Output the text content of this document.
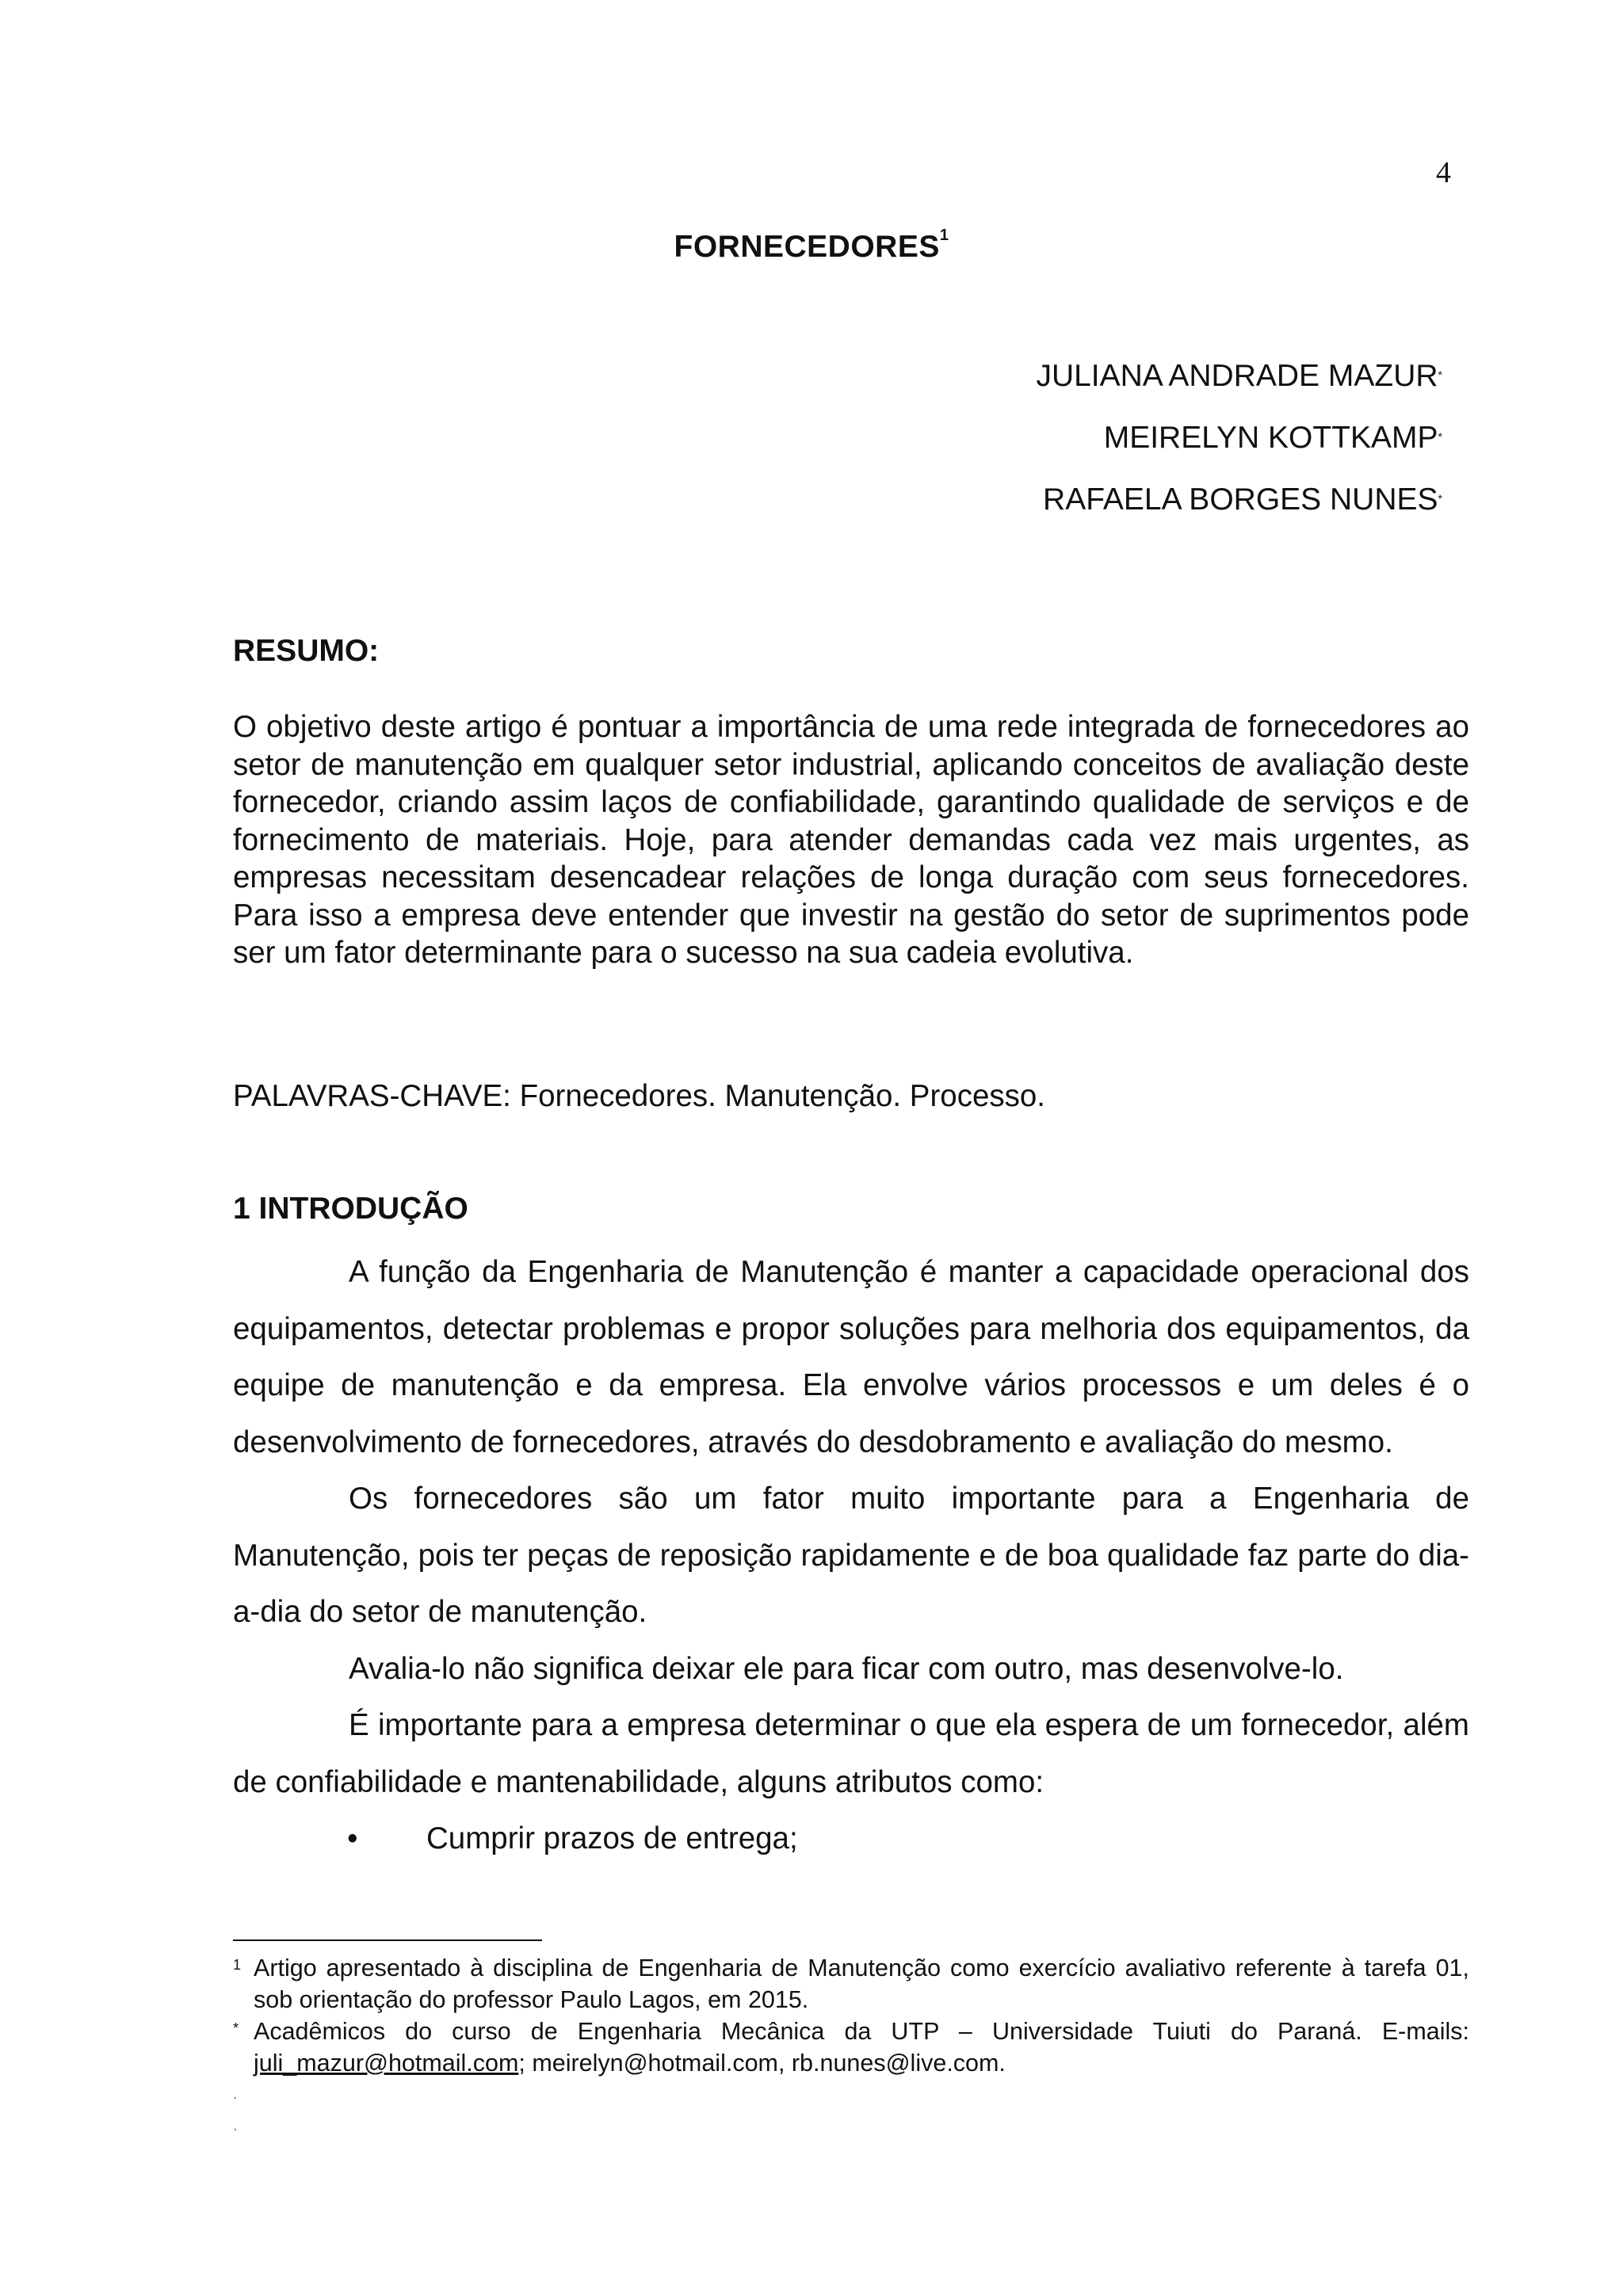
4
FORNECEDORES$^1$
JULIANA ANDRADE MAZUR*
MEIRELYN KOTTKAMP*
RAFAELA BORGES NUNES*
RESUMO:

O objetivo deste artigo é pontuar a importância de uma rede integrada de fornecedores ao setor de manutenção em qualquer setor industrial, aplicando conceitos de avaliação deste fornecedor, criando assim laços de confiabilidade, garantindo qualidade de serviços e de fornecimento de materiais. Hoje, para atender demandas cada vez mais urgentes, as empresas necessitam desencadear relações de longa duração com seus fornecedores. Para isso a empresa deve entender que investir na gestão do setor de suprimentos pode ser um fator determinante para o sucesso na sua cadeia evolutiva.

PALAVRAS-CHAVE: Fornecedores. Manutenção. Processo.
1 INTRODUÇÃO

A função da Engenharia de Manutenção é manter a capacidade operacional dos equipamentos, detectar problemas e propor soluções para melhoria dos equipamentos, da equipe de manutenção e da empresa. Ela envolve vários processos e um deles é o desenvolvimento de fornecedores, através do desdobramento e avaliação do mesmo.

Os fornecedores são um fator muito importante para a Engenharia de Manutenção, pois ter peças de reposição rapidamente e de boa qualidade faz parte do dia-a-dia do setor de manutenção.

Avalia-lo não significa deixar ele para ficar com outro, mas desenvolve-lo.

É importante para a empresa determinar o que ela espera de um fornecedor, além de confiabilidade e mantenabilidade, alguns atributos como:

• Cumprir prazos de entrega;

1 Artigo apresentado à disciplina de Engenharia de Manutenção como exercício avaliativo referente à tarefa 01, sob orientação do professor Paulo Lagos, em 2015.
* Acadêmicos do curso de Engenharia Mecânica da UTP – Universidade Tuiuti do Paraná. E-mails: juli_mazur@hotmail.com; meirelyn@hotmail.com, rb.nunes@live.com.
.
.
